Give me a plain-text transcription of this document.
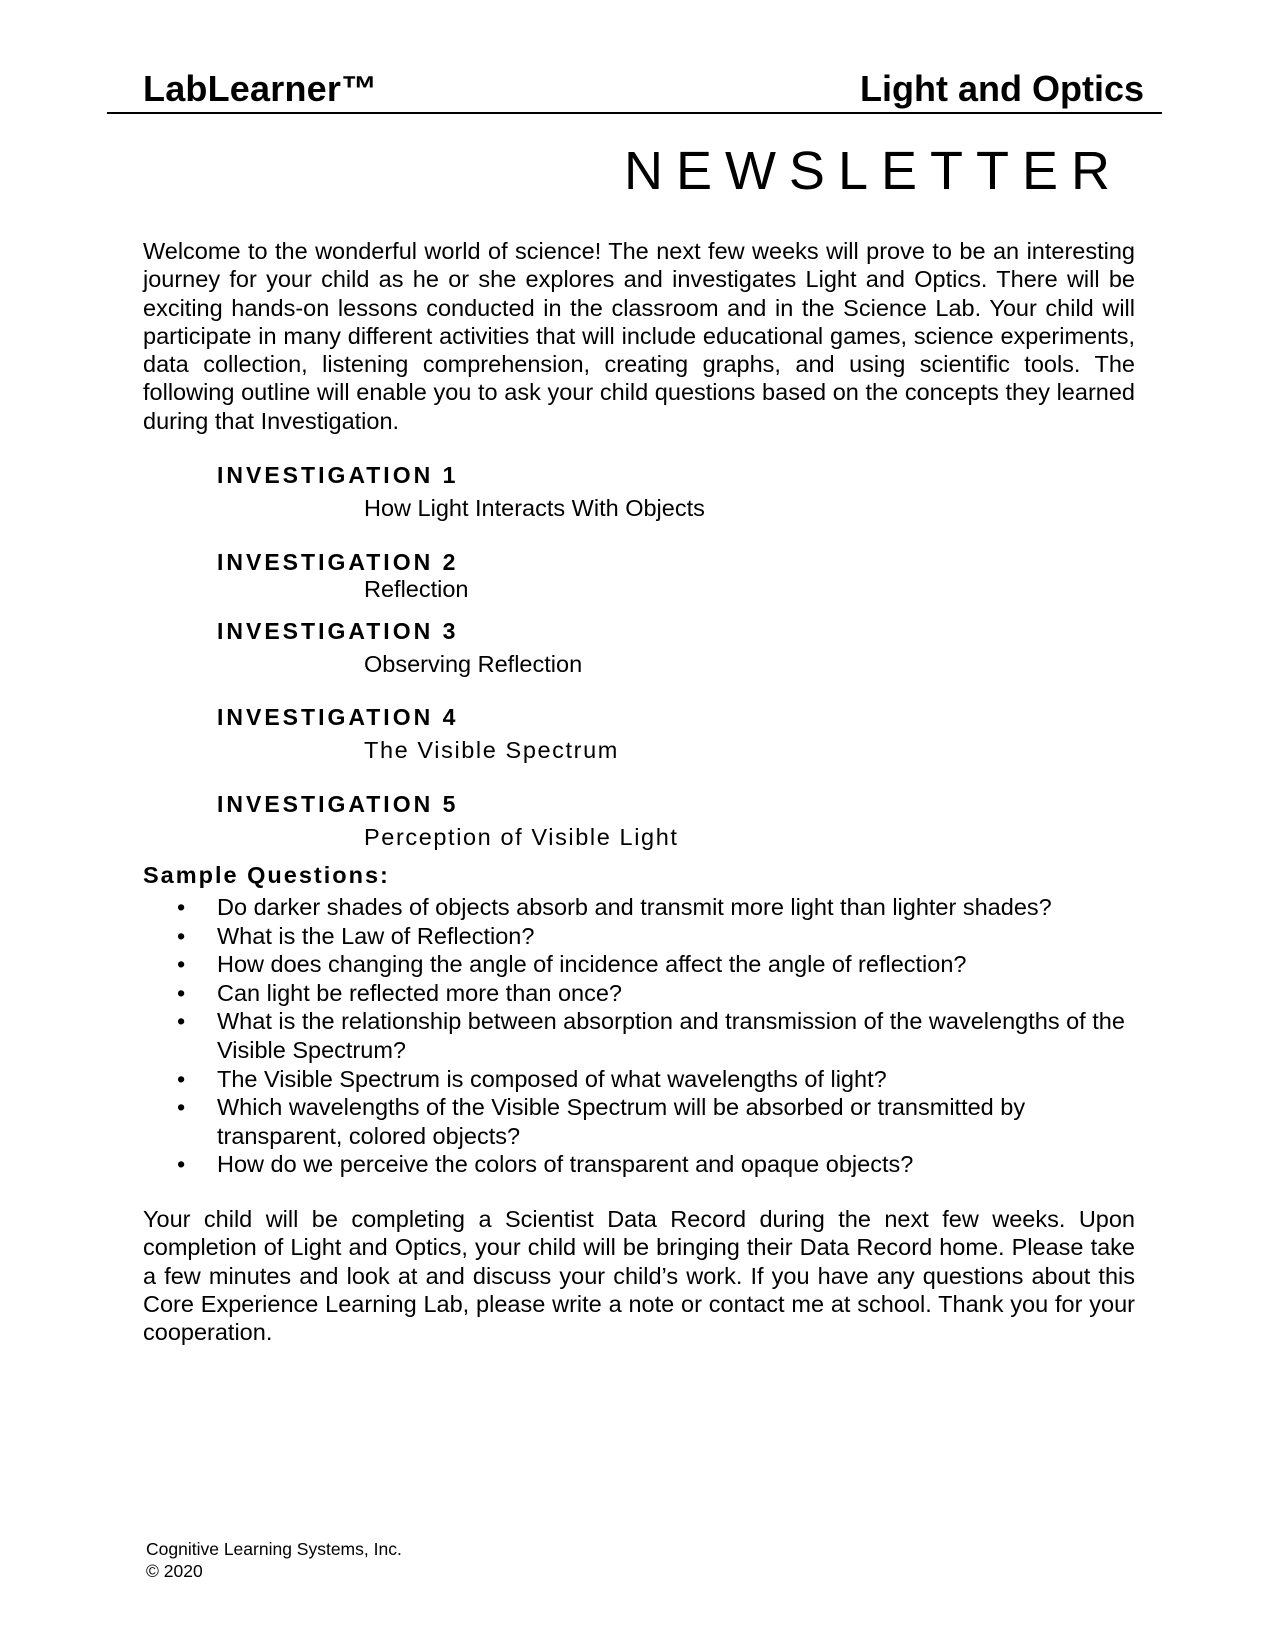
LabLearner™	Light and Optics
NEWSLETTER
Welcome to the wonderful world of science! The next few weeks will prove to be an interesting journey for your child as he or she explores and investigates Light and Optics. There will be exciting hands-on lessons conducted in the classroom and in the Science Lab. Your child will participate in many different activities that will include educational games, science experiments, data collection, listening comprehension, creating graphs, and using scientific tools. The following outline will enable you to ask your child questions based on the concepts they learned during that Investigation.
INVESTIGATION 1
How Light Interacts With Objects
INVESTIGATION 2
Reflection
INVESTIGATION 3
Observing Reflection
INVESTIGATION 4
The Visible Spectrum
INVESTIGATION 5
Perception of Visible Light
Sample Questions:
• Do darker shades of objects absorb and transmit more light than lighter shades?
• What is the Law of Reflection?
• How does changing the angle of incidence affect the angle of reflection?
• Can light be reflected more than once?
• What is the relationship between absorption and transmission of the wavelengths of the Visible Spectrum?
• The Visible Spectrum is composed of what wavelengths of light?
• Which wavelengths of the Visible Spectrum will be absorbed or transmitted by transparent, colored objects?
• How do we perceive the colors of transparent and opaque objects?
Your child will be completing a Scientist Data Record during the next few weeks. Upon completion of Light and Optics, your child will be bringing their Data Record home. Please take a few minutes and look at and discuss your child’s work. If you have any questions about this Core Experience Learning Lab, please write a note or contact me at school. Thank you for your cooperation.
Cognitive Learning Systems, Inc.
© 2020
